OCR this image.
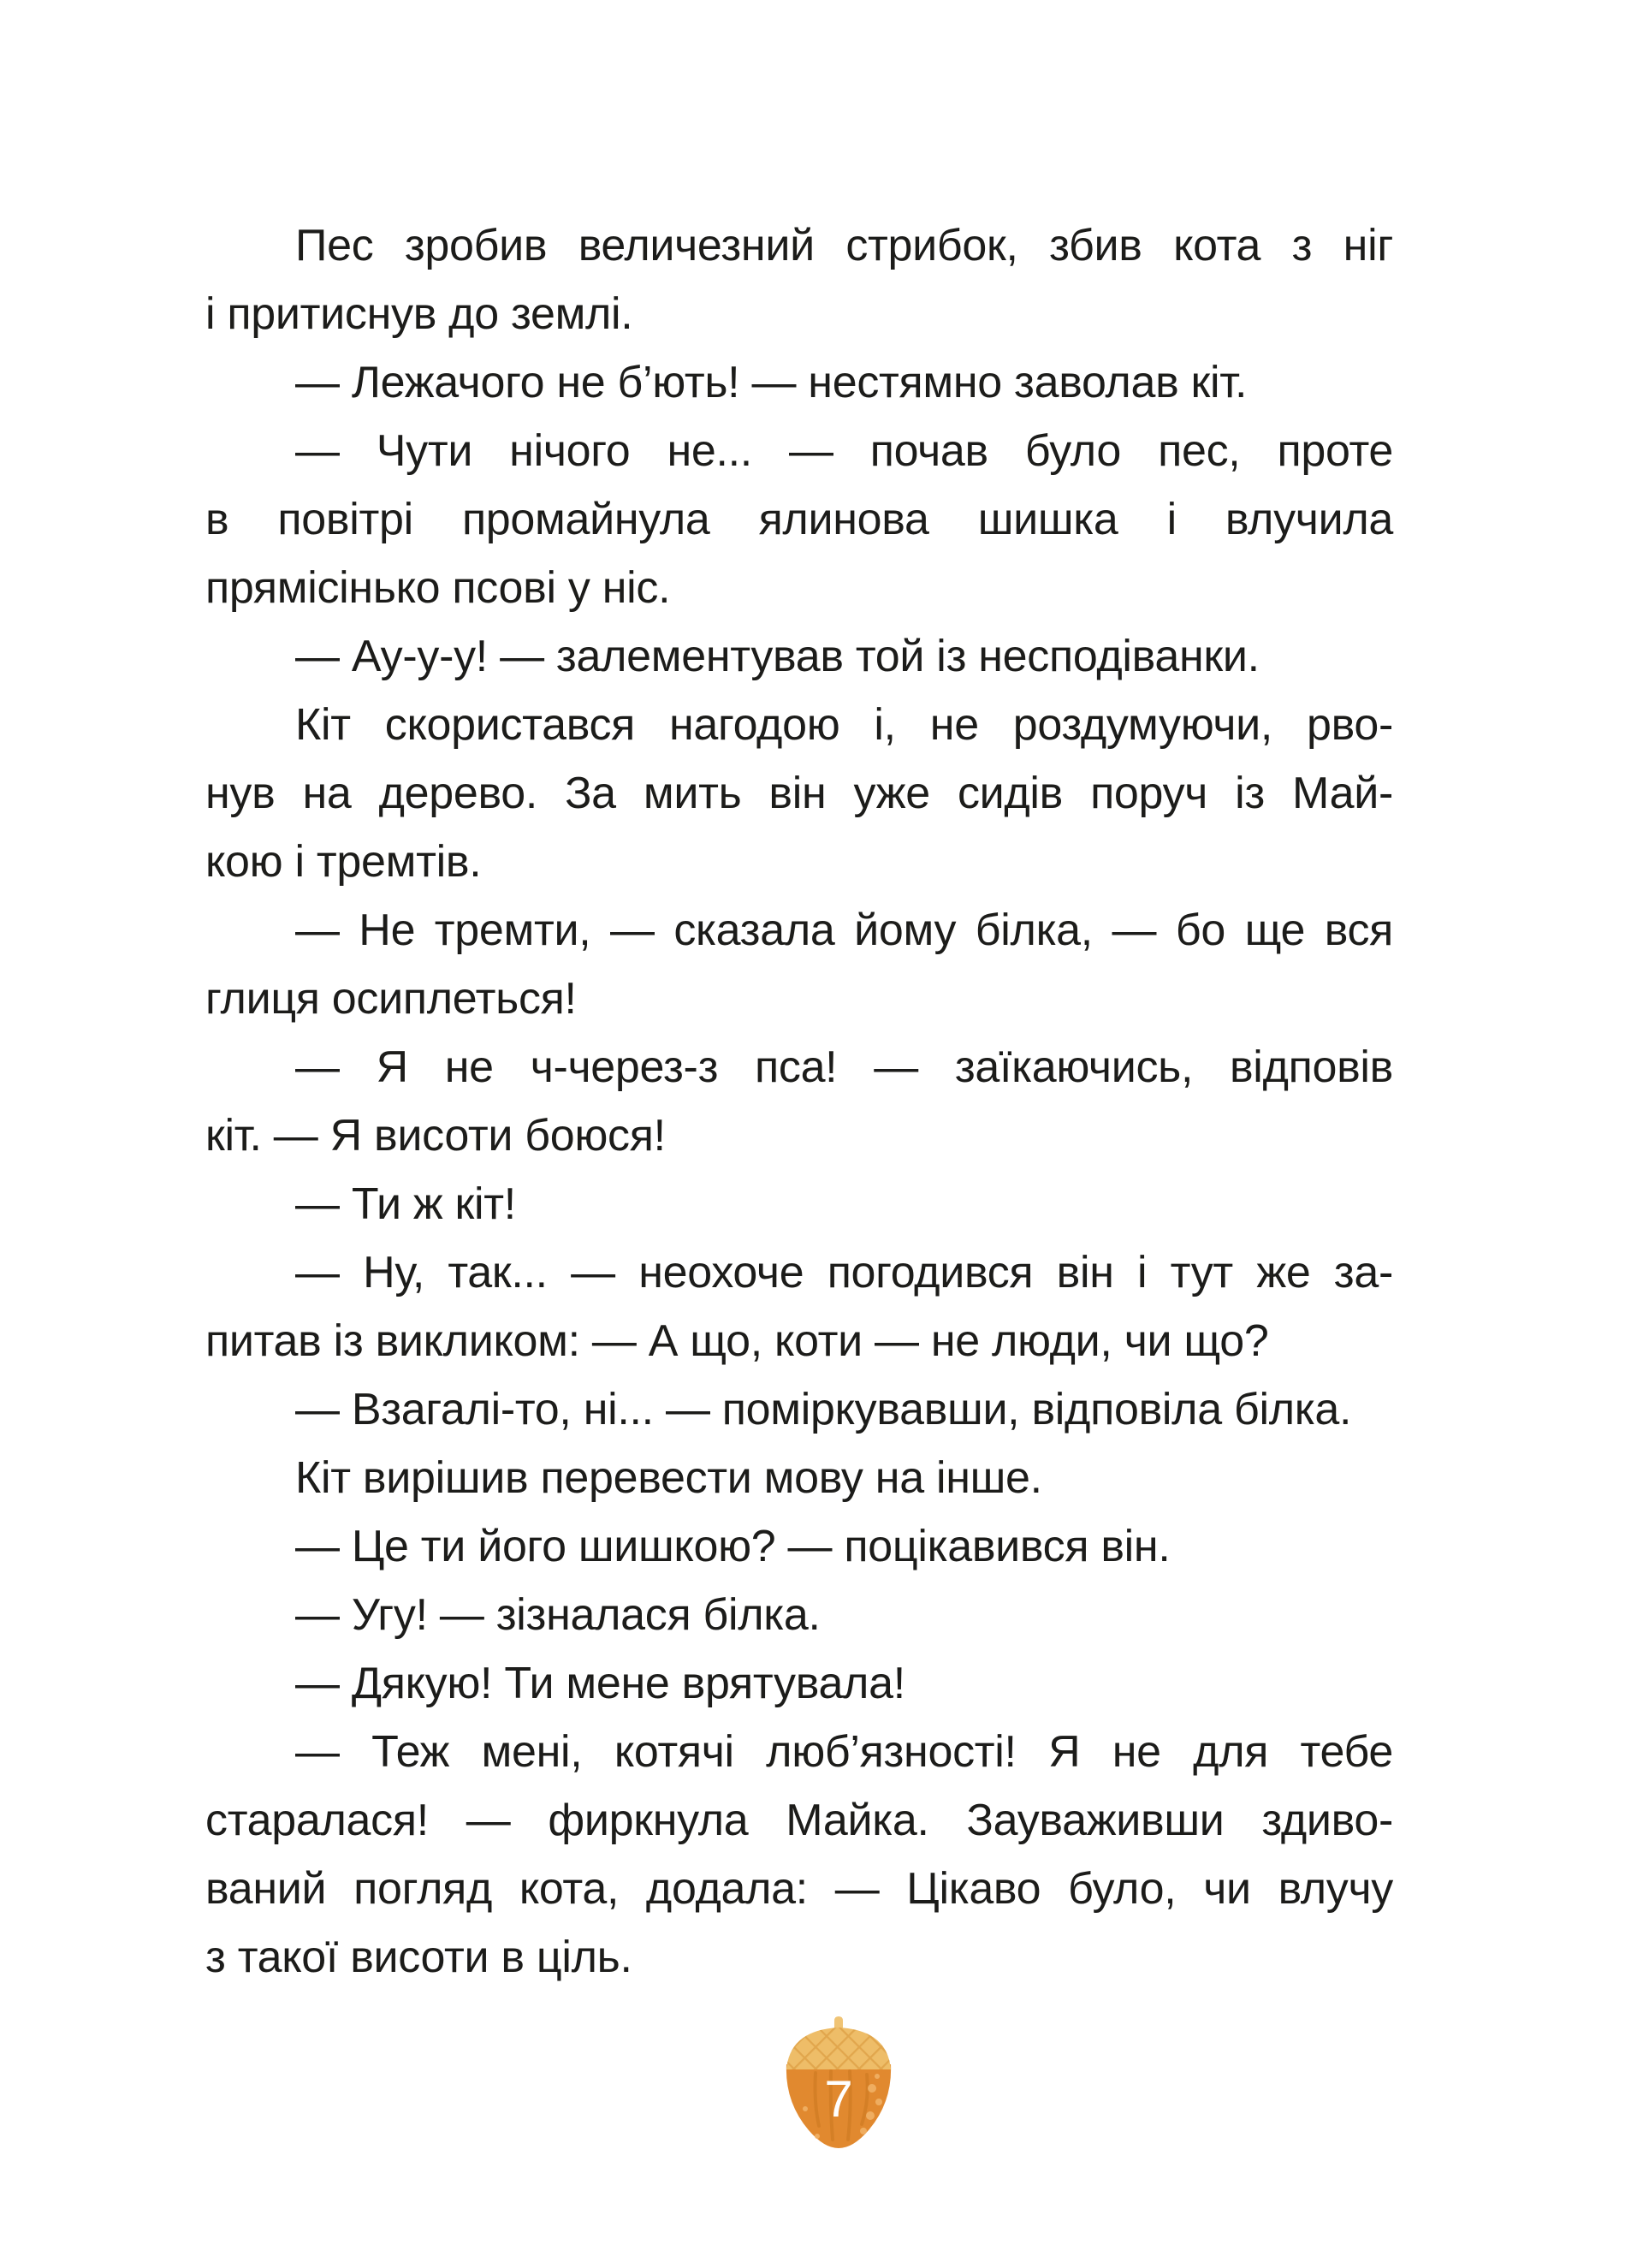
Пес зробив величезний стрибок, збив кота з ніг
і притиснув до землі.
— Лежачого не б’ють! — нестямно заволав кіт.
— Чути нічого не... — почав було пес, проте
в повітрі промайнула ялинова шишка і влучила
прямісінько псові у ніс.
— Ау-у-у! — залементував той із несподіванки.
Кіт скористався нагодою і, не роздумуючи, рво-
нув на дерево. За мить він уже сидів поруч із Май-
кою і тремтів.
— Не тремти, — сказала йому білка, — бо ще вся
глиця осиплеться!
— Я не ч-через-з пса! — заїкаючись, відповів
кіт. — Я висоти боюся!
— Ти ж кіт!
— Ну, так... — неохоче погодився він і тут же за-
питав із викликом: — А що, коти — не люди, чи що?
— Взагалі-то, ні... — поміркувавши, відповіла білка.
Кіт вирішив перевести мову на інше.
— Це ти його шишкою? — поцікавився він.
— Угу! — зізналася білка.
— Дякую! Ти мене врятувала!
— Теж мені, котячі люб’язності! Я не для тебе
старалася! — фиркнула Майка. Зауваживши здиво-
ваний погляд кота, додала: — Цікаво було, чи влучу
з такої висоти в ціль.
7
